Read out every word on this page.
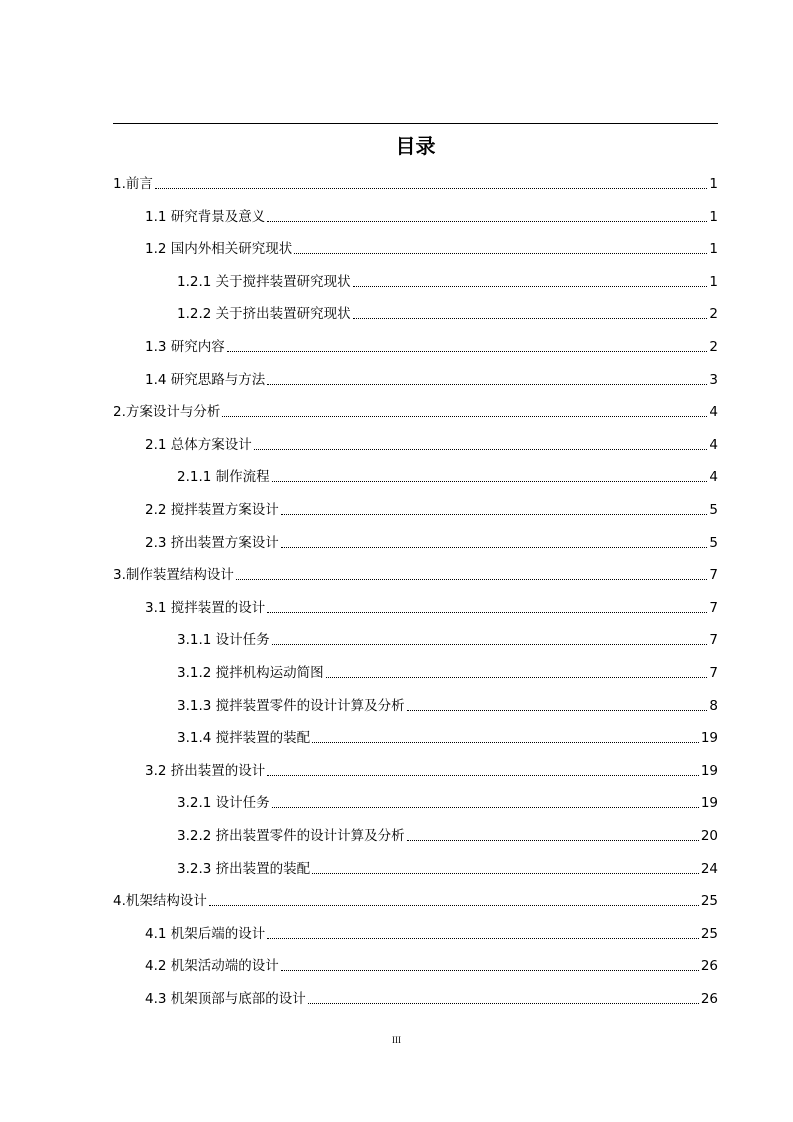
目录
1.前言	1
1.1 研究背景及意义	1
1.2 国内外相关研究现状	1
1.2.1 关于搅拌装置研究现状	1
1.2.2 关于挤出装置研究现状	2
1.3 研究内容	2
1.4 研究思路与方法	3
2.方案设计与分析	4
2.1 总体方案设计	4
2.1.1 制作流程	4
2.2 搅拌装置方案设计	5
2.3 挤出装置方案设计	5
3.制作装置结构设计	7
3.1 搅拌装置的设计	7
3.1.1 设计任务	7
3.1.2 搅拌机构运动简图	7
3.1.3 搅拌装置零件的设计计算及分析	8
3.1.4 搅拌装置的装配	19
3.2 挤出装置的设计	19
3.2.1 设计任务	19
3.2.2 挤出装置零件的设计计算及分析	20
3.2.3 挤出装置的装配	24
4.机架结构设计	25
4.1 机架后端的设计	25
4.2 机架活动端的设计	26
4.3 机架顶部与底部的设计	26
III
